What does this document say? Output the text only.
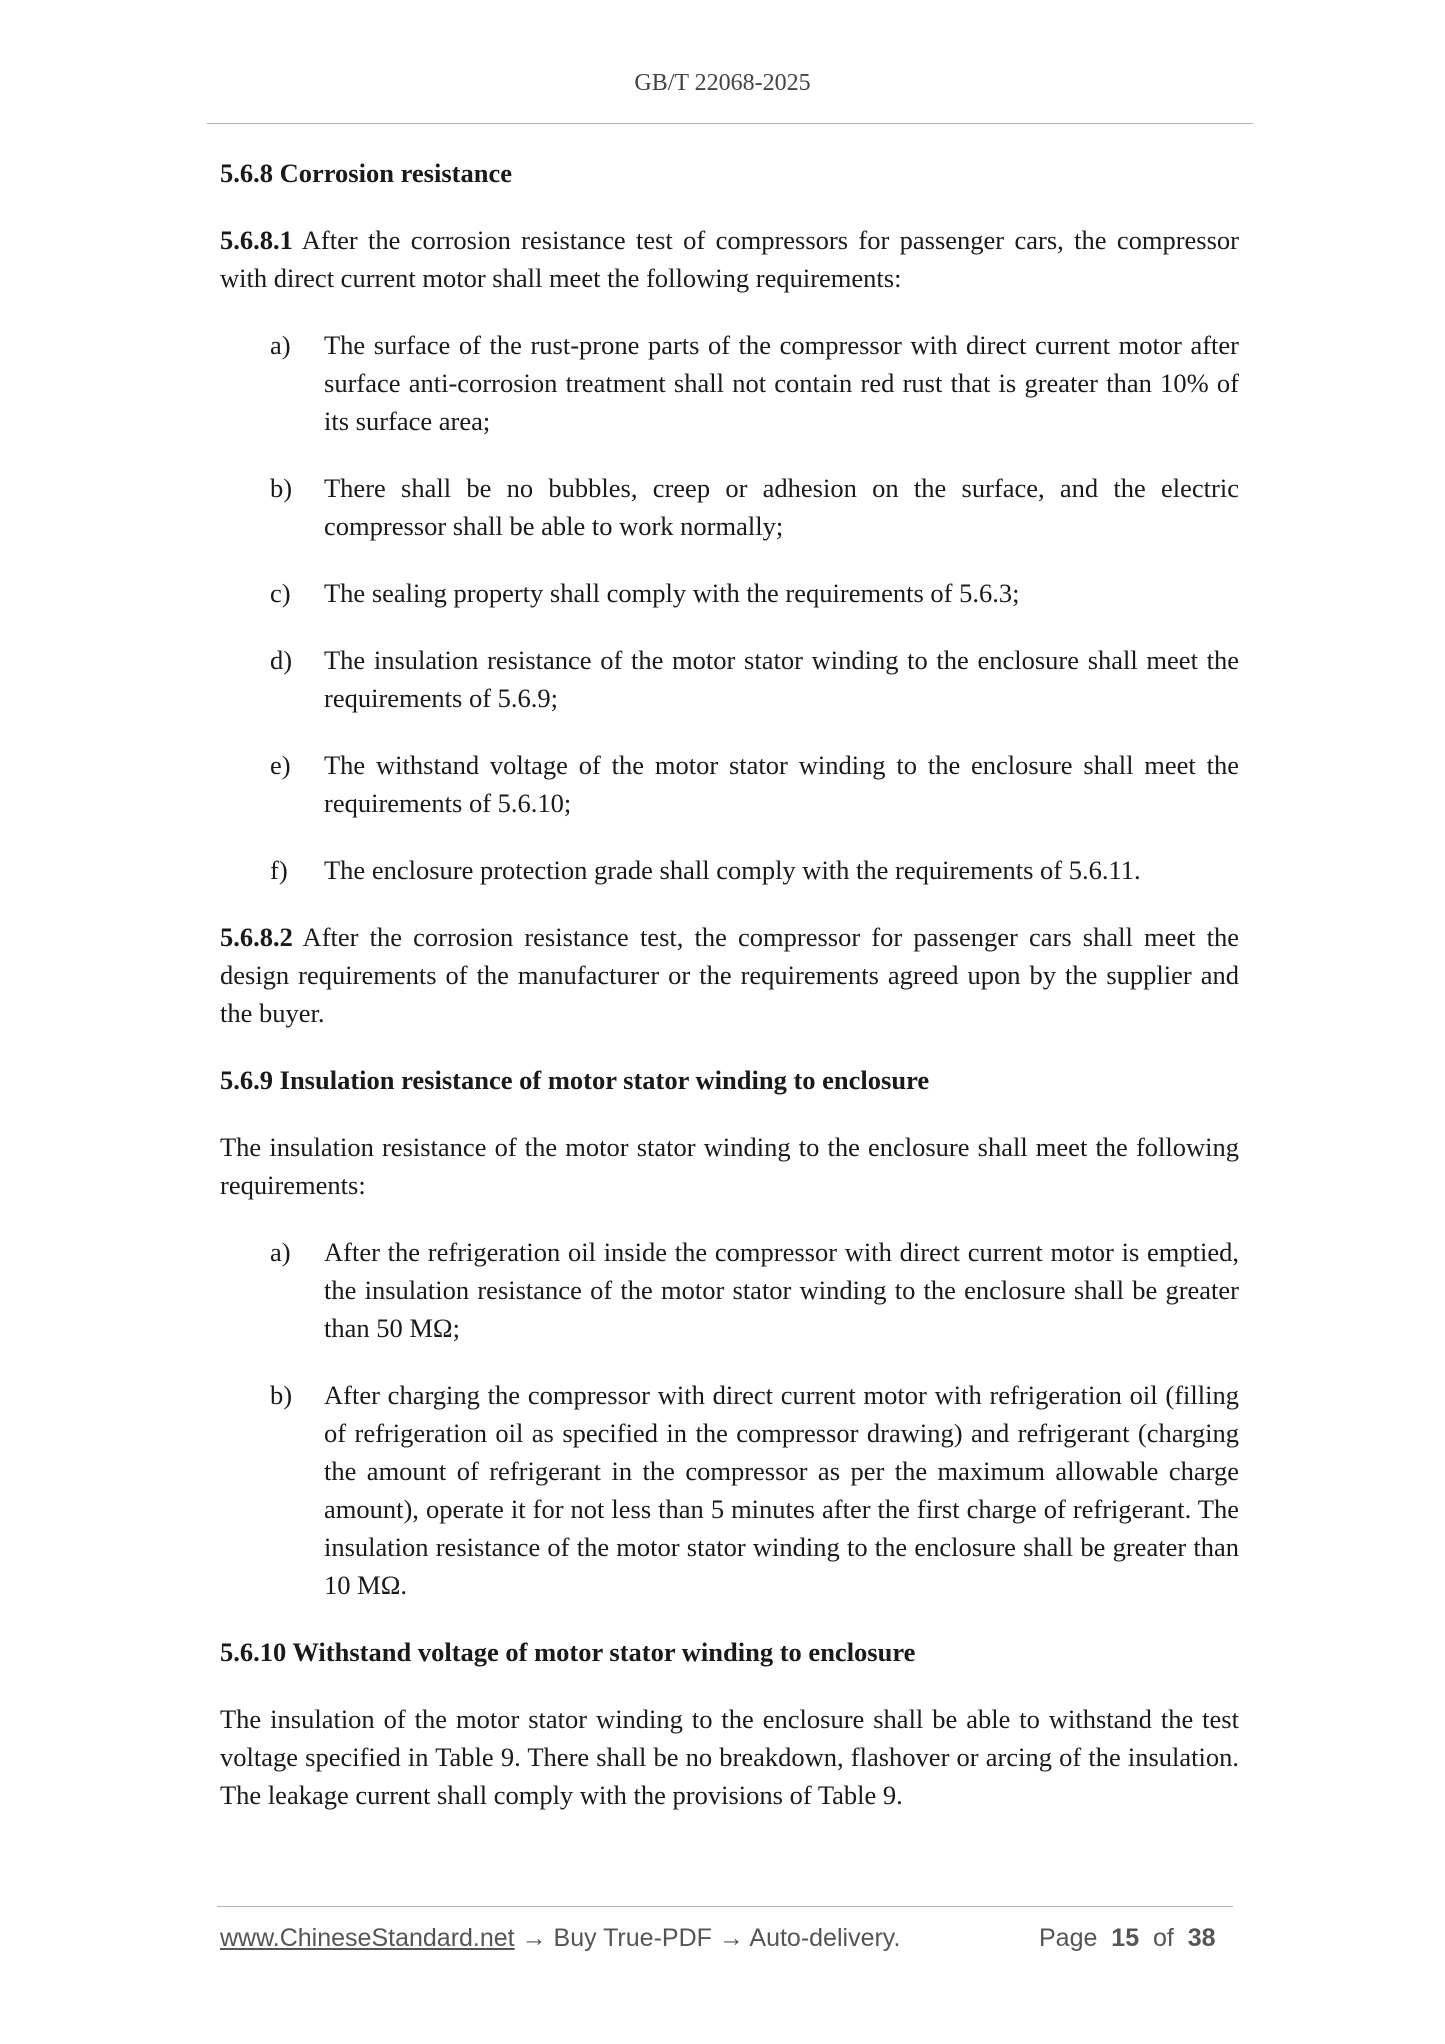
GB/T 22068-2025
5.6.8 Corrosion resistance
5.6.8.1 After the corrosion resistance test of compressors for passenger cars, the compressor with direct current motor shall meet the following requirements:
a) The surface of the rust-prone parts of the compressor with direct current motor after surface anti-corrosion treatment shall not contain red rust that is greater than 10% of its surface area;
b) There shall be no bubbles, creep or adhesion on the surface, and the electric compressor shall be able to work normally;
c) The sealing property shall comply with the requirements of 5.6.3;
d) The insulation resistance of the motor stator winding to the enclosure shall meet the requirements of 5.6.9;
e) The withstand voltage of the motor stator winding to the enclosure shall meet the requirements of 5.6.10;
f) The enclosure protection grade shall comply with the requirements of 5.6.11.
5.6.8.2 After the corrosion resistance test, the compressor for passenger cars shall meet the design requirements of the manufacturer or the requirements agreed upon by the supplier and the buyer.
5.6.9 Insulation resistance of motor stator winding to enclosure
The insulation resistance of the motor stator winding to the enclosure shall meet the following requirements:
a) After the refrigeration oil inside the compressor with direct current motor is emptied, the insulation resistance of the motor stator winding to the enclosure shall be greater than 50 MΩ;
b) After charging the compressor with direct current motor with refrigeration oil (filling of refrigeration oil as specified in the compressor drawing) and refrigerant (charging the amount of refrigerant in the compressor as per the maximum allowable charge amount), operate it for not less than 5 minutes after the first charge of refrigerant. The insulation resistance of the motor stator winding to the enclosure shall be greater than 10 MΩ.
5.6.10 Withstand voltage of motor stator winding to enclosure
The insulation of the motor stator winding to the enclosure shall be able to withstand the test voltage specified in Table 9. There shall be no breakdown, flashover or arcing of the insulation. The leakage current shall comply with the provisions of Table 9.
www.ChineseStandard.net → Buy True-PDF → Auto-delivery.	Page 15 of 38
